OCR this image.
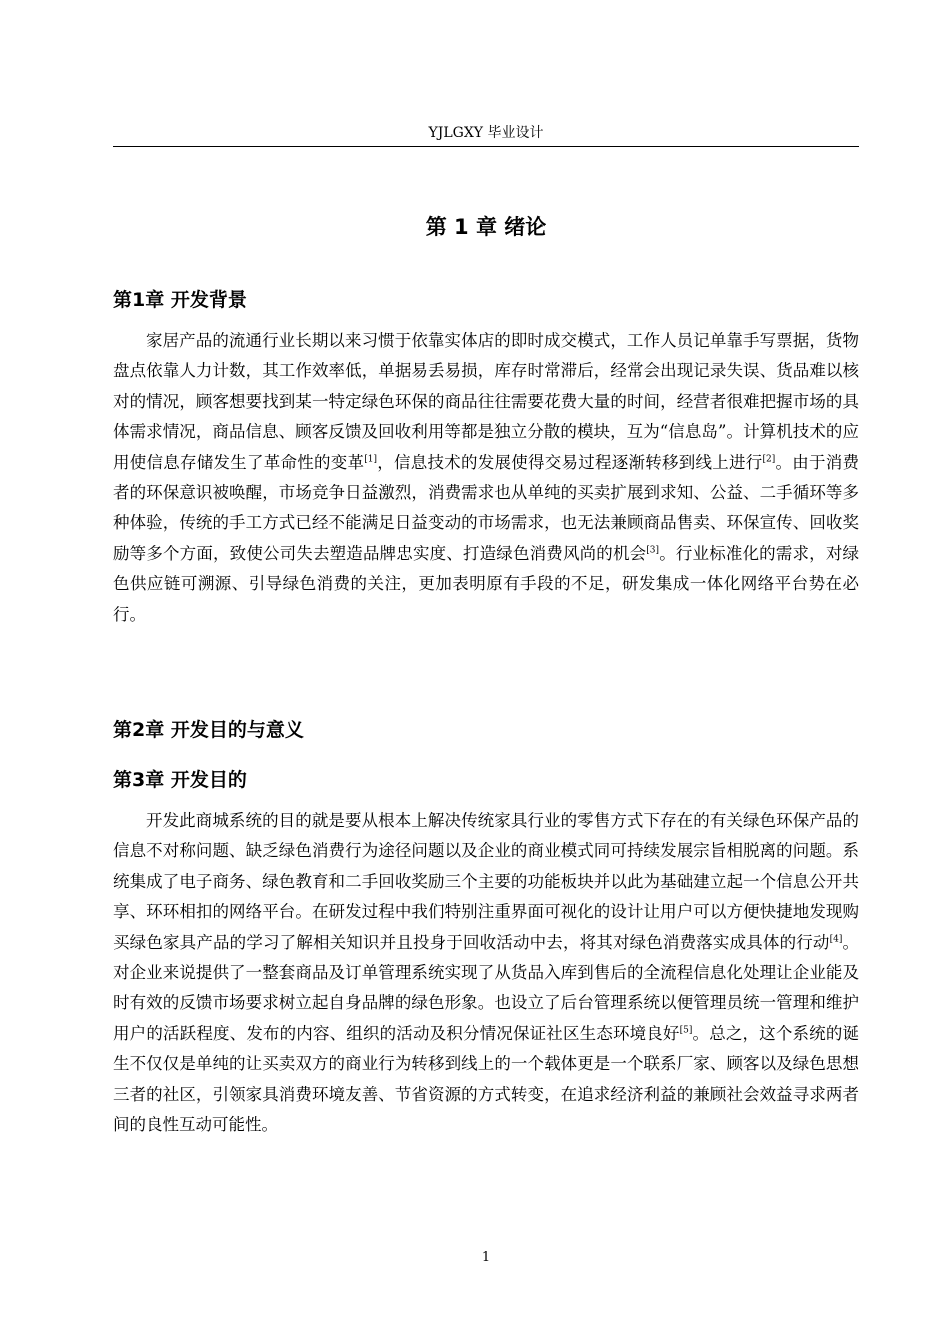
YJLGXY 毕业设计
第 1 章 绪论
第1章 开发背景
家居产品的流通行业长期以来习惯于依靠实体店的即时成交模式，工作人员记单靠手写票据，货物盘点依靠人力计数，其工作效率低，单据易丢易损，库存时常滞后，经常会出现记录失误、货品难以核对的情况，顾客想要找到某一特定绿色环保的商品往往需要花费大量的时间，经营者很难把握市场的具体需求情况，商品信息、顾客反馈及回收利用等都是独立分散的模块，互为“信息岛”。计算机技术的应用使信息存储发生了革命性的变革[1]，信息技术的发展使得交易过程逐渐转移到线上进行[2]。由于消费者的环保意识被唤醒，市场竞争日益激烈，消费需求也从单纯的买卖扩展到求知、公益、二手循环等多种体验，传统的手工方式已经不能满足日益变动的市场需求，也无法兼顾商品售卖、环保宣传、回收奖励等多个方面，致使公司失去塑造品牌忠实度、打造绿色消费风尚的机会[3]。行业标准化的需求，对绿色供应链可溯源、引导绿色消费的关注，更加表明原有手段的不足，研发集成一体化网络平台势在必行。
第2章 开发目的与意义
第3章 开发目的
开发此商城系统的目的就是要从根本上解决传统家具行业的零售方式下存在的有关绿色环保产品的信息不对称问题、缺乏绿色消费行为途径问题以及企业的商业模式同可持续发展宗旨相脱离的问题。系统集成了电子商务、绿色教育和二手回收奖励三个主要的功能板块并以此为基础建立起一个信息公开共享、环环相扣的网络平台。在研发过程中我们特别注重界面可视化的设计让用户可以方便快捷地发现购买绿色家具产品的学习了解相关知识并且投身于回收活动中去，将其对绿色消费落实成具体的行动[4]。对企业来说提供了一整套商品及订单管理系统实现了从货品入库到售后的全流程信息化处理让企业能及时有效的反馈市场要求树立起自身品牌的绿色形象。也设立了后台管理系统以便管理员统一管理和维护用户的活跃程度、发布的内容、组织的活动及积分情况保证社区生态环境良好[5]。总之，这个系统的诞生不仅仅是单纯的让买卖双方的商业行为转移到线上的一个载体更是一个联系厂家、顾客以及绿色思想三者的社区，引领家具消费环境友善、节省资源的方式转变，在追求经济利益的兼顾社会效益寻求两者间的良性互动可能性。
1
